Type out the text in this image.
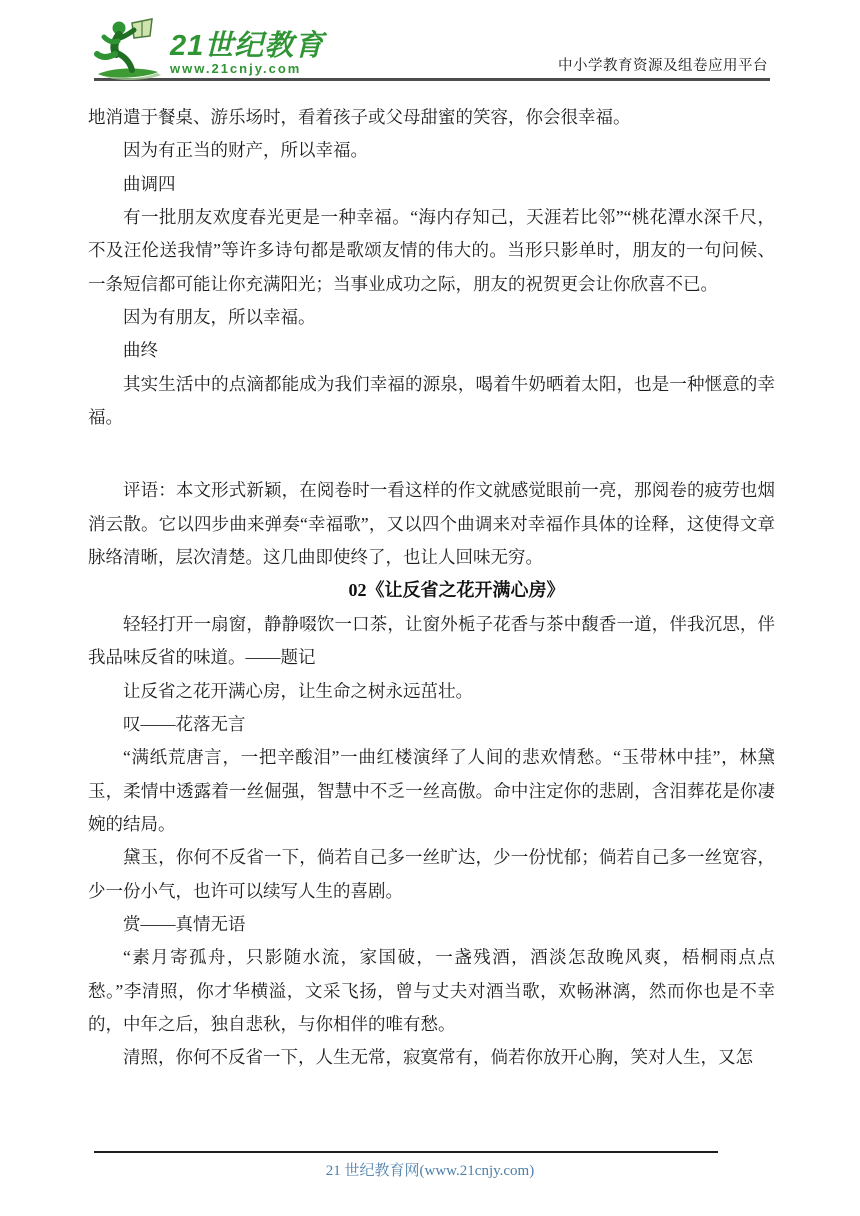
21世纪教育
www.21cnjy.com	中小学教育资源及组卷应用平台

地消遣于餐桌、游乐场时，看着孩子或父母甜蜜的笑容，你会很幸福。

因为有正当的财产，所以幸福。

曲调四

有一批朋友欢度春光更是一种幸福。“海内存知己，天涯若比邻”“桃花潭水深千尺，不及汪伦送我情”等许多诗句都是歌颂友情的伟大的。当形只影单时，朋友的一句问候、一条短信都可能让你充满阳光；当事业成功之际，朋友的祝贺更会让你欣喜不已。

因为有朋友，所以幸福。

曲终

其实生活中的点滴都能成为我们幸福的源泉，喝着牛奶晒着太阳，也是一种惬意的幸福。

评语：本文形式新颖，在阅卷时一看这样的作文就感觉眼前一亮，那阅卷的疲劳也烟消云散。它以四步曲来弹奏“幸福歌”，又以四个曲调来对幸福作具体的诠释，这使得文章脉络清晰，层次清楚。这几曲即使终了，也让人回味无穷。

02《让反省之花开满心房》

轻轻打开一扇窗，静静啜饮一口茶，让窗外栀子花香与茶中馥香一道，伴我沉思，伴我品味反省的味道。——题记

让反省之花开满心房，让生命之树永远茁壮。

叹——花落无言

“满纸荒唐言，一把辛酸泪”一曲红楼演绎了人间的悲欢情愁。“玉带林中挂”，林黛玉，柔情中透露着一丝倔强，智慧中不乏一丝高傲。命中注定你的悲剧，含泪葬花是你凄婉的结局。

黛玉，你何不反省一下，倘若自己多一丝旷达，少一份忧郁；倘若自己多一丝宽容，少一份小气，也许可以续写人生的喜剧。

赏——真情无语

“素月寄孤舟，只影随水流，家国破，一盏残酒，酒淡怎敌晚风爽，梧桐雨点点愁。”李清照，你才华横溢，文采飞扬，曾与丈夫对酒当歌，欢畅淋漓，然而你也是不幸的，中年之后，独自悲秋，与你相伴的唯有愁。

清照，你何不反省一下，人生无常，寂寞常有，倘若你放开心胸，笑对人生，又怎

21 世纪教育网(www.21cnjy.com)
